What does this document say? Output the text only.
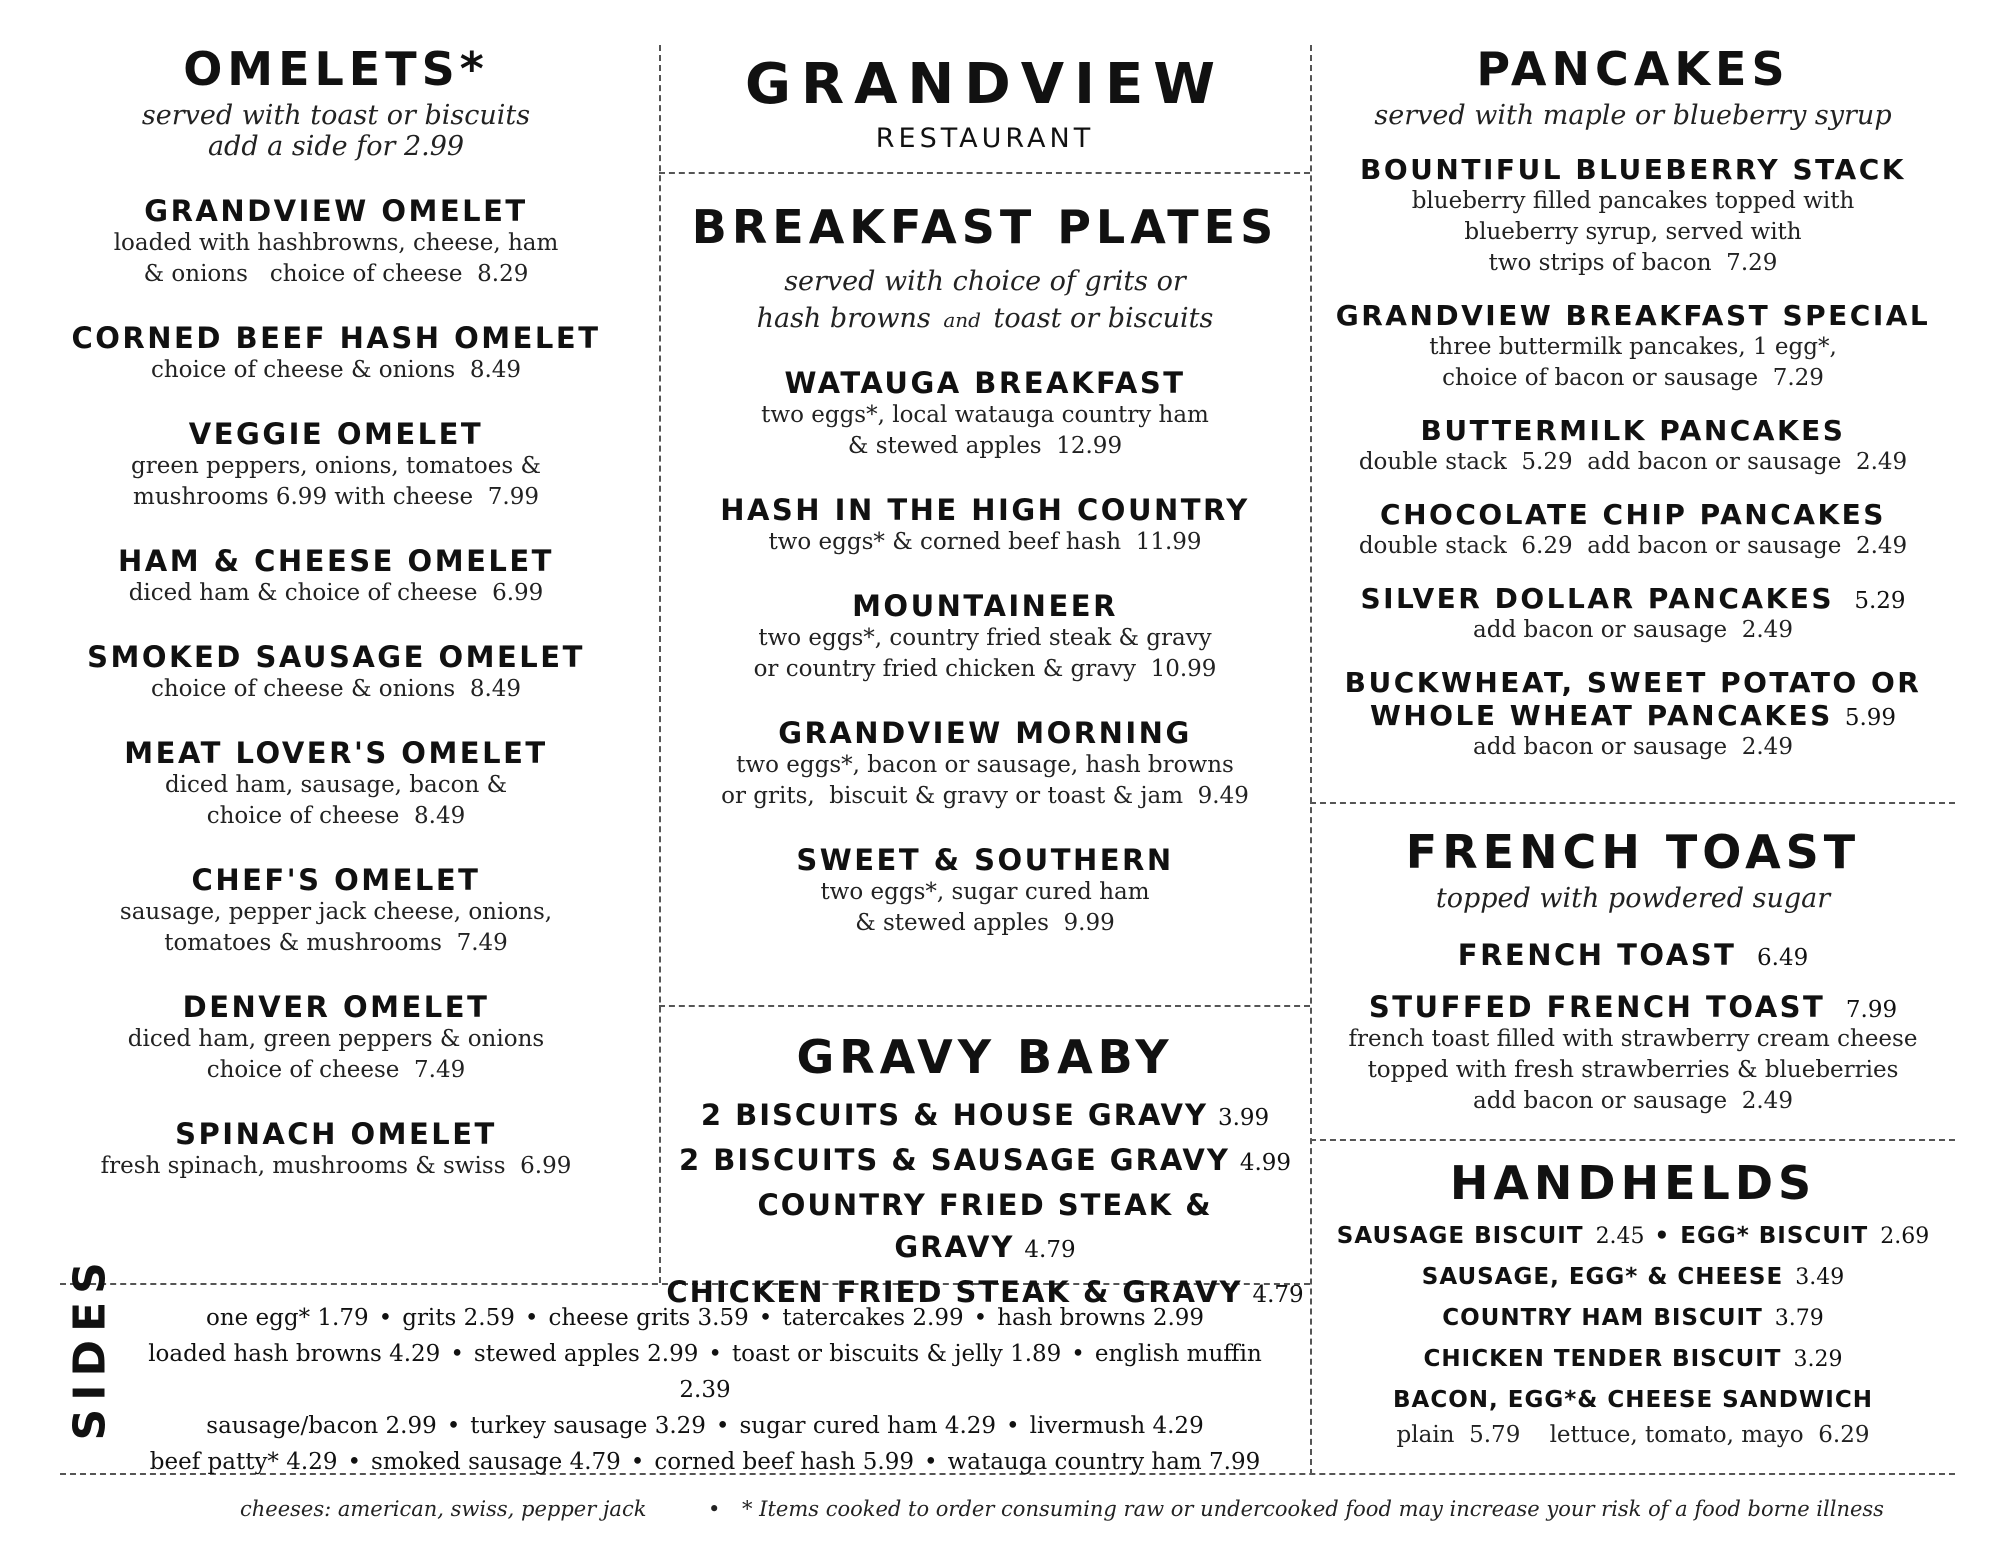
OMELETS*
served with toast or biscuits
add a side for 2.99
GRANDVIEW OMELET
loaded with hashbrowns, cheese, ham
& onions   choice of cheese  8.29
CORNED BEEF HASH OMELET
choice of cheese & onions  8.49
VEGGIE OMELET
green peppers, onions, tomatoes &
mushrooms 6.99 with cheese  7.99
HAM & CHEESE OMELET
diced ham & choice of cheese  6.99
SMOKED SAUSAGE OMELET
choice of cheese & onions  8.49
MEAT LOVER'S OMELET
diced ham, sausage, bacon &
choice of cheese  8.49
CHEF'S OMELET
sausage, pepper jack cheese, onions,
tomatoes & mushrooms  7.49
DENVER OMELET
diced ham, green peppers & onions
choice of cheese  7.49
SPINACH OMELET
fresh spinach, mushrooms & swiss  6.99
GRANDVIEW
RESTAURANT
BREAKFAST PLATES
served with choice of grits or
hash browns and toast or biscuits
WATAUGA BREAKFAST
two eggs*, local watauga country ham
& stewed apples  12.99
HASH IN THE HIGH COUNTRY
two eggs* & corned beef hash  11.99
MOUNTAINEER
two eggs*, country fried steak & gravy
or country fried chicken & gravy  10.99
GRANDVIEW MORNING
two eggs*, bacon or sausage, hash browns
or grits,  biscuit & gravy or toast & jam  9.49
SWEET & SOUTHERN
two eggs*, sugar cured ham
& stewed apples  9.99
GRAVY BABY
2 BISCUITS & HOUSE GRAVY 3.99
2 BISCUITS & SAUSAGE GRAVY 4.99
COUNTRY FRIED STEAK & GRAVY 4.79
CHICKEN FRIED STEAK & GRAVY 4.79
PANCAKES
served with maple or blueberry syrup
BOUNTIFUL BLUEBERRY STACK
blueberry filled pancakes topped with
blueberry syrup, served with
two strips of bacon  7.29
GRANDVIEW BREAKFAST SPECIAL
three buttermilk pancakes, 1 egg*,
choice of bacon or sausage  7.29
BUTTERMILK PANCAKES
double stack  5.29  add bacon or sausage  2.49
CHOCOLATE CHIP PANCAKES
double stack  6.29  add bacon or sausage  2.49
SILVER DOLLAR PANCAKES 5.29
add bacon or sausage  2.49
BUCKWHEAT, SWEET POTATO OR
WHOLE WHEAT PANCAKES 5.99
add bacon or sausage  2.49
FRENCH TOAST
topped with powdered sugar
FRENCH TOAST 6.49
STUFFED FRENCH TOAST 7.99
french toast filled with strawberry cream cheese
topped with fresh strawberries & blueberries
add bacon or sausage  2.49
HANDHELDS
SAUSAGE BISCUIT 2.45 • EGG* BISCUIT 2.69
SAUSAGE, EGG* & CHEESE 3.49
COUNTRY HAM BISCUIT 3.79
CHICKEN TENDER BISCUIT 3.29
BACON, EGG*& CHEESE SANDWICH
plain  5.79    lettuce, tomato, mayo  6.29
SIDES	one egg* 1.79 • grits 2.59 • cheese grits 3.59 • tatercakes 2.99 • hash browns 2.99
loaded hash browns 4.29 • stewed apples 2.99 • toast or biscuits & jelly 1.89 • english muffin 2.39
sausage/bacon 2.99 • turkey sausage 3.29 • sugar cured ham 4.29 • livermush 4.29
beef patty* 4.29 • smoked sausage 4.79 • corned beef hash 5.99 • watauga country ham 7.99
cheeses: american, swiss, pepper jack	• * Items cooked to order consuming raw or undercooked food may increase your risk of a food borne illness
